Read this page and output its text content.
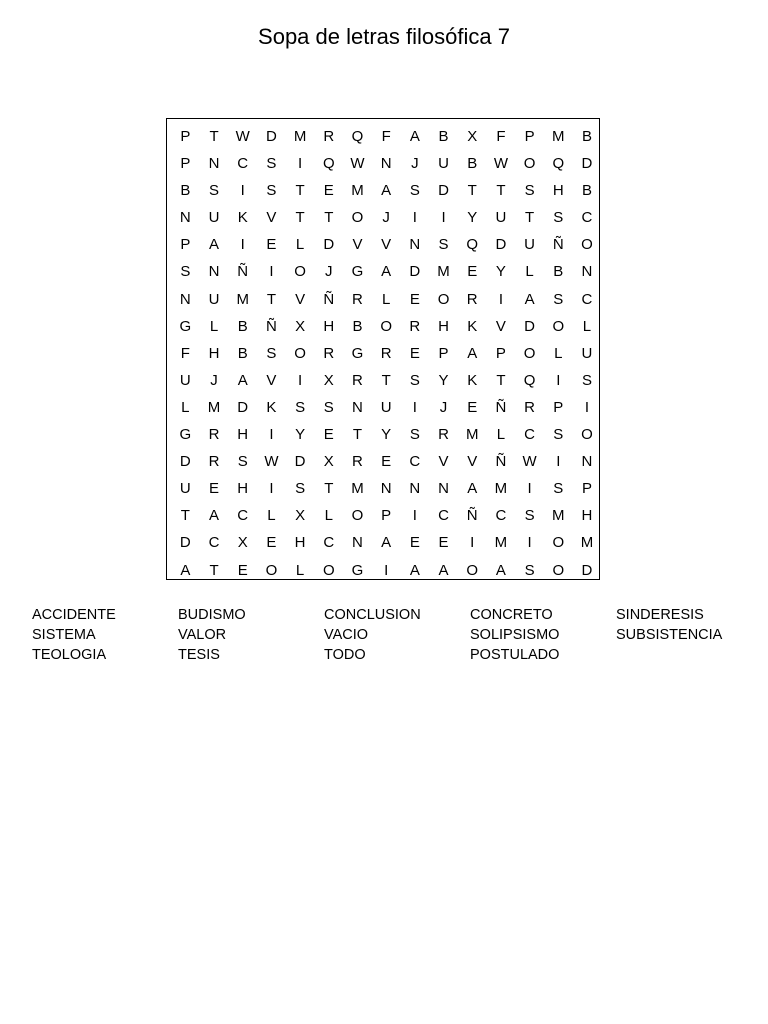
Sopa de letras filosófica 7
P	T	W	D	M	R	Q	F	A	B	X	F	P	M	B
P	N	C	S	I	Q	W	N	J	U	B	W	O	Q	D
B	S	I	S	T	E	M	A	S	D	T	T	S	H	B
N	U	K	V	T	T	O	J	I	I	Y	U	T	S	C
P	A	I	E	L	D	V	V	N	S	Q	D	U	Ñ	O
S	N	Ñ	I	O	J	G	A	D	M	E	Y	L	B	N
N	U	M	T	V	Ñ	R	L	E	O	R	I	A	S	C
G	L	B	Ñ	X	H	B	O	R	H	K	V	D	O	L
F	H	B	S	O	R	G	R	E	P	A	P	O	L	U
U	J	A	V	I	X	R	T	S	Y	K	T	Q	I	S
L	M	D	K	S	S	N	U	I	J	E	Ñ	R	P	I
G	R	H	I	Y	E	T	Y	S	R	M	L	C	S	O
D	R	S	W	D	X	R	E	C	V	V	Ñ	W	I	N
U	E	H	I	S	T	M	N	N	N	A	M	I	S	P
T	A	C	L	X	L	O	P	I	C	Ñ	C	S	M	H
D	C	X	E	H	C	N	A	E	E	I	M	I	O	M
A	T	E	O	L	O	G	I	A	A	O	A	S	O	D
ACCIDENTE	BUDISMO	CONCLUSION	CONCRETO	SINDERESIS
SISTEMA	VALOR	VACIO	SOLIPSISMO	SUBSISTENCIA
TEOLOGIA	TESIS	TODO	POSTULADO
